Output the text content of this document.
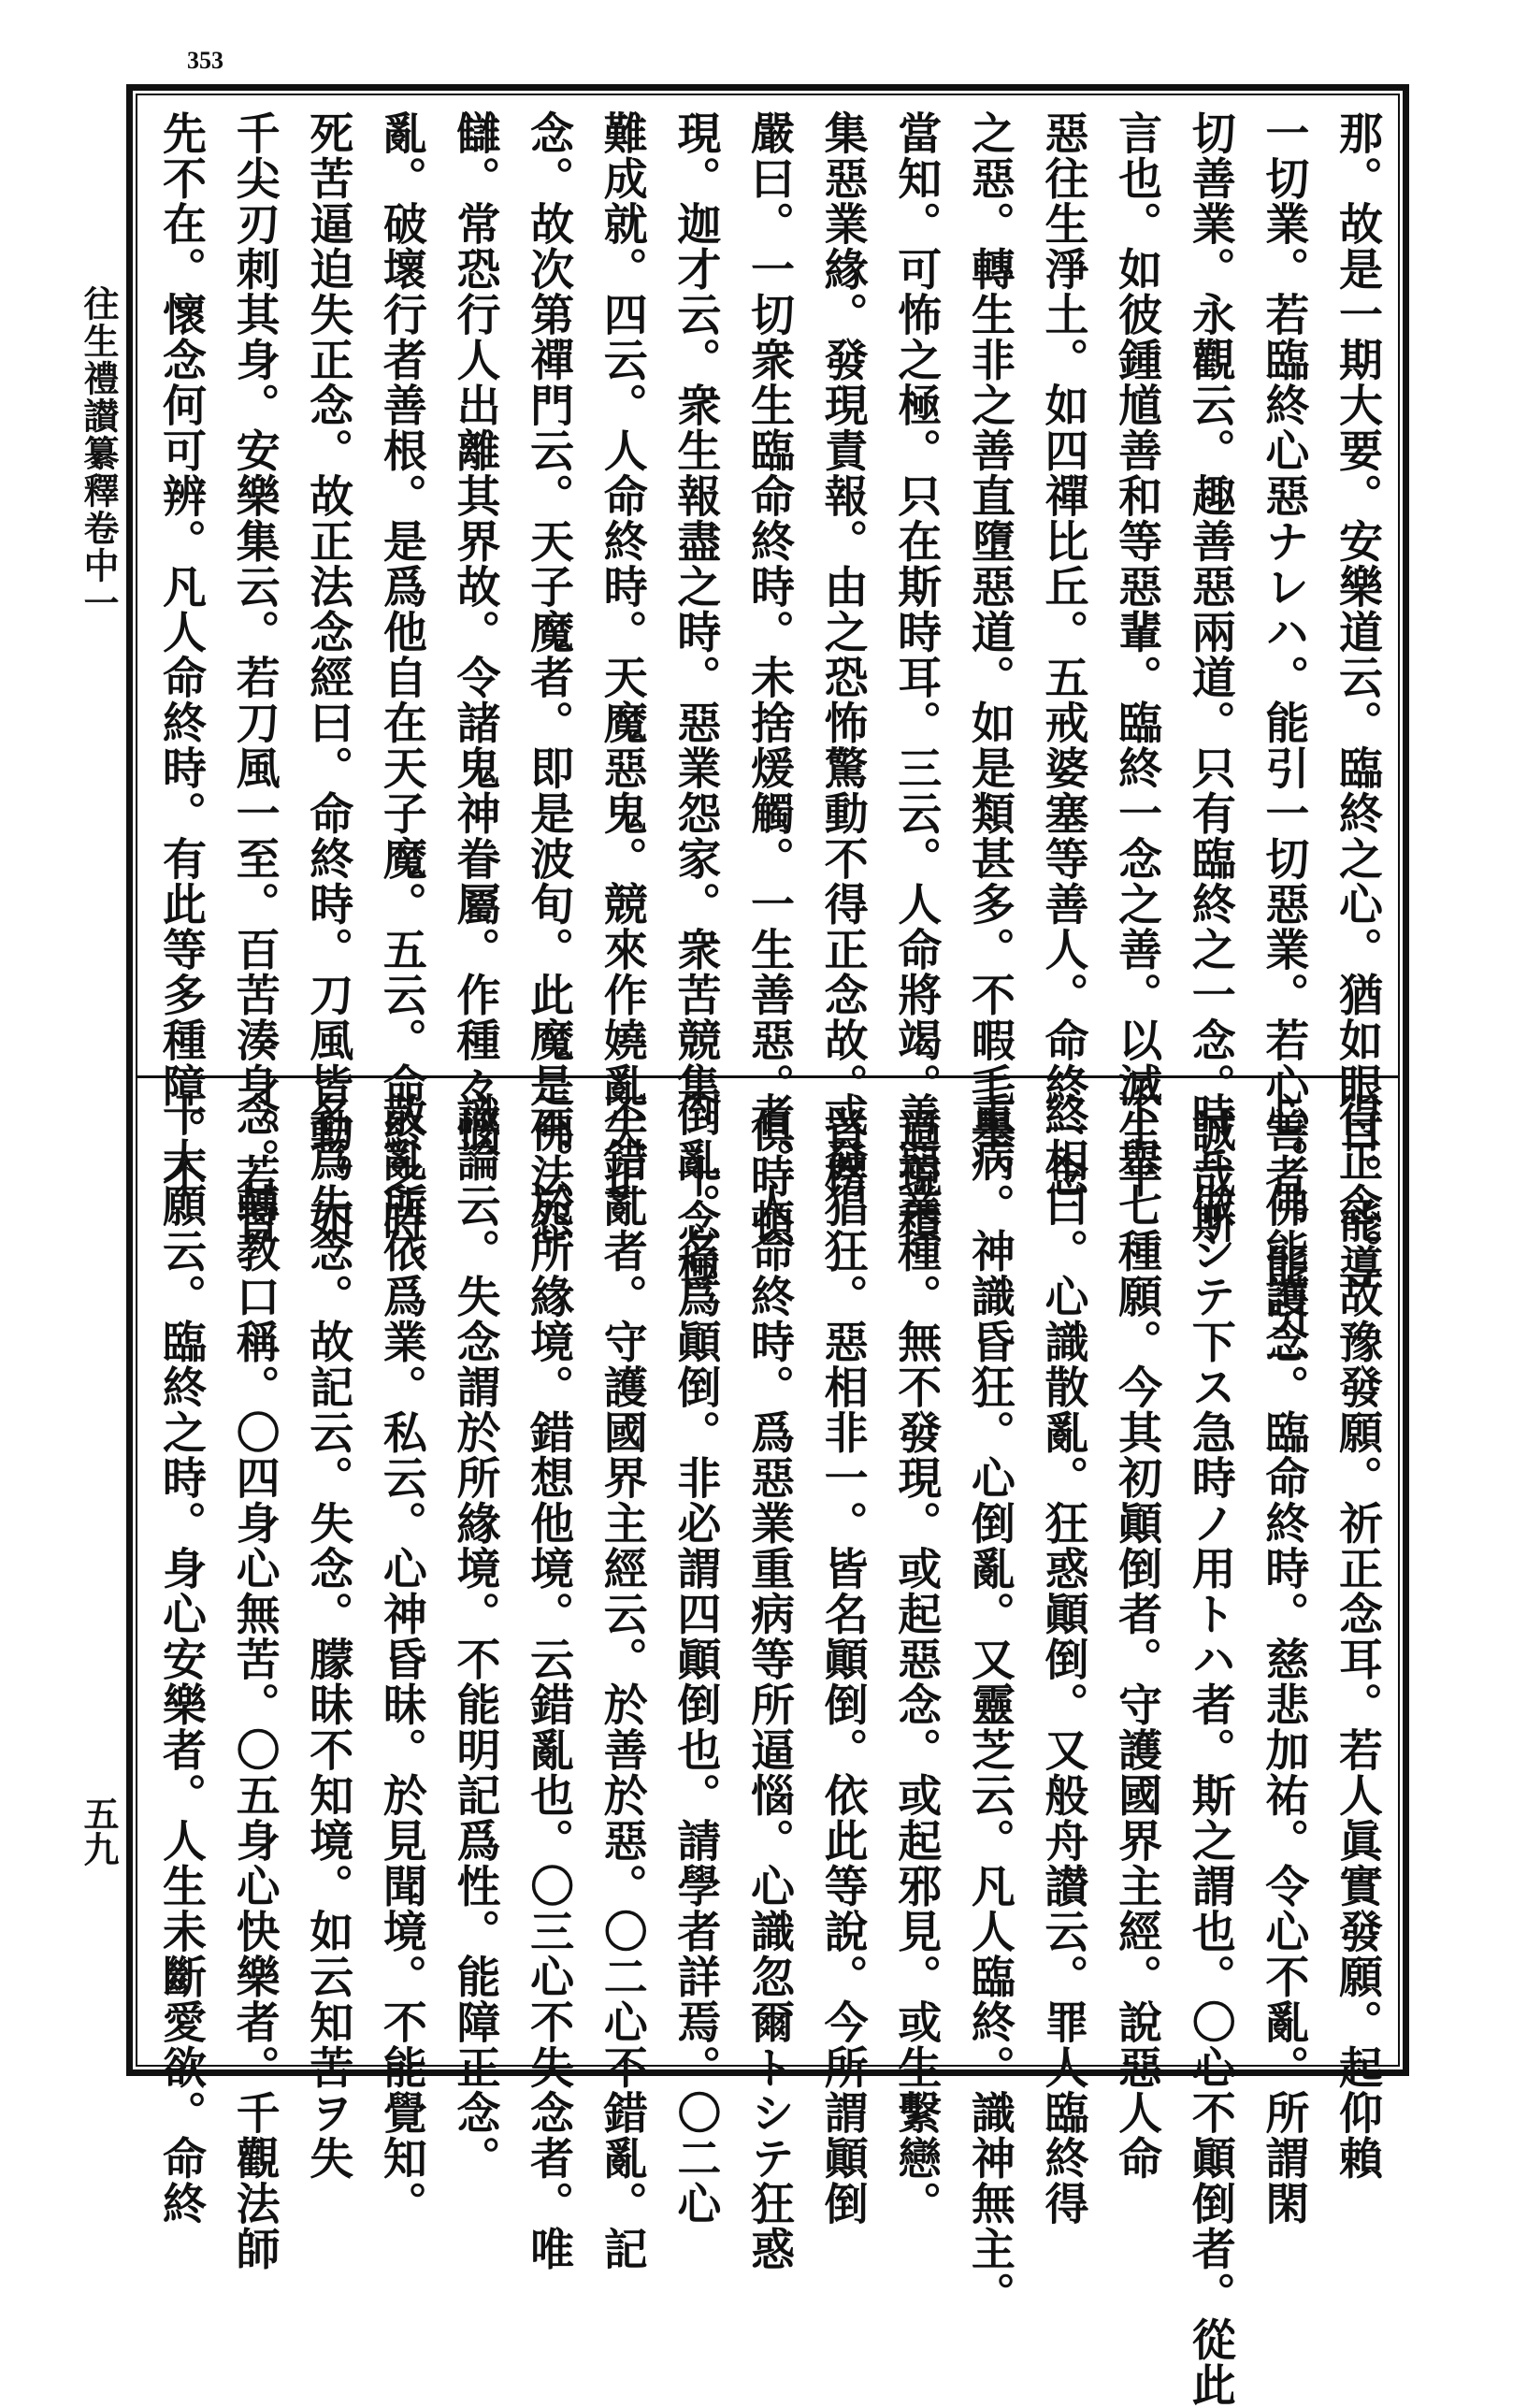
353
往生禮讃纂釋卷中一
五九
那。故是一期大要。安樂道云。臨終之心。猶如眼目。能導
一切業。若臨終心惡ナレハ。能引一切惡業。若心善者。能引一
切善業。永觀云。趣善惡兩道。只有臨終之一念。誠哉斯
言也。如彼鍾馗善和等惡輩。臨終一念之善。以滅生平
惡往生淨土。如四禪比丘。五戒婆塞等善人。命終一念
之惡。轉生非之善直墮惡道。如是類甚多。不暇毛舉。
當知。可怖之極。只在斯時耳。三云。人命將竭。過現積
集惡業緣。發現責報。由之恐怖驚動不得正念故。首楞
嚴曰。一切衆生臨命終時。未捨煖觸。一生善惡。俱時頓
現。迦才云。衆生報盡之時。惡業怨家。衆苦競集。十念極
難成就。四云。人命終時。天魔惡鬼。競來作嬈亂失正
念。故次第禪門云。天子魔者。即是波旬。此魔是佛法怨
讎。常恐行人出離其界故。令諸鬼神眷屬。作種々惱
亂。破壞行者善根。是爲他自在天子魔。五云。命終之時。
死苦逼迫失正念。故正法念經曰。命終時。刀風皆動。如
千尖刃刺其身。安樂集云。若刀風一至。百苦湊身。若習
先不在。懷念何可辨。凡人命終時。有此等多種障。不
得正念。故豫發願。祈正念耳。若人眞實發願。起仰賴
心。佛能護念。臨命終時。慈悲加祐。令心不亂。所謂閑
時ニ做シテ下ス急時ノ用トハ者。斯之謂也。〇心不顚倒者。從此
下舉七種願。今其初顚倒者。守護國界主經。說惡人命
終相曰。心識散亂。狂惑顚倒。又般舟讃云。罪人臨終得
重病。神識昏狂。心倒亂。又靈芝云。凡人臨終。識神無主。
善惡業種。無不發現。或起惡念。或起邪見。或生繫戀。
或發猖狂。惡相非一。皆名顚倒。依此等說。今所謂顚倒
者。人命終時。爲惡業重病等所逼惱。心識忽爾トシテ狂惑
倒亂。名爲顚倒。非必謂四顚倒也。請學者詳焉。〇二心
不錯亂者。守護國界主經云。於善於惡。〇二心不錯亂。記
云。於所緣境。錯想他境。云錯亂也。〇三心不失念者。唯
識論云。失念謂於所緣境。不能明記爲性。能障正念。
散亂所依爲業。私云。心神昏昧。於見聞境。不能覺知。
名爲失念。故記云。失念。朦昧不知境。如云知苦ヲ失
念。轉教口稱。〇四身心無苦。〇五身心快樂者。千觀法師
十大願云。臨終之時。身心安樂者。人生未斷愛欲。命終
